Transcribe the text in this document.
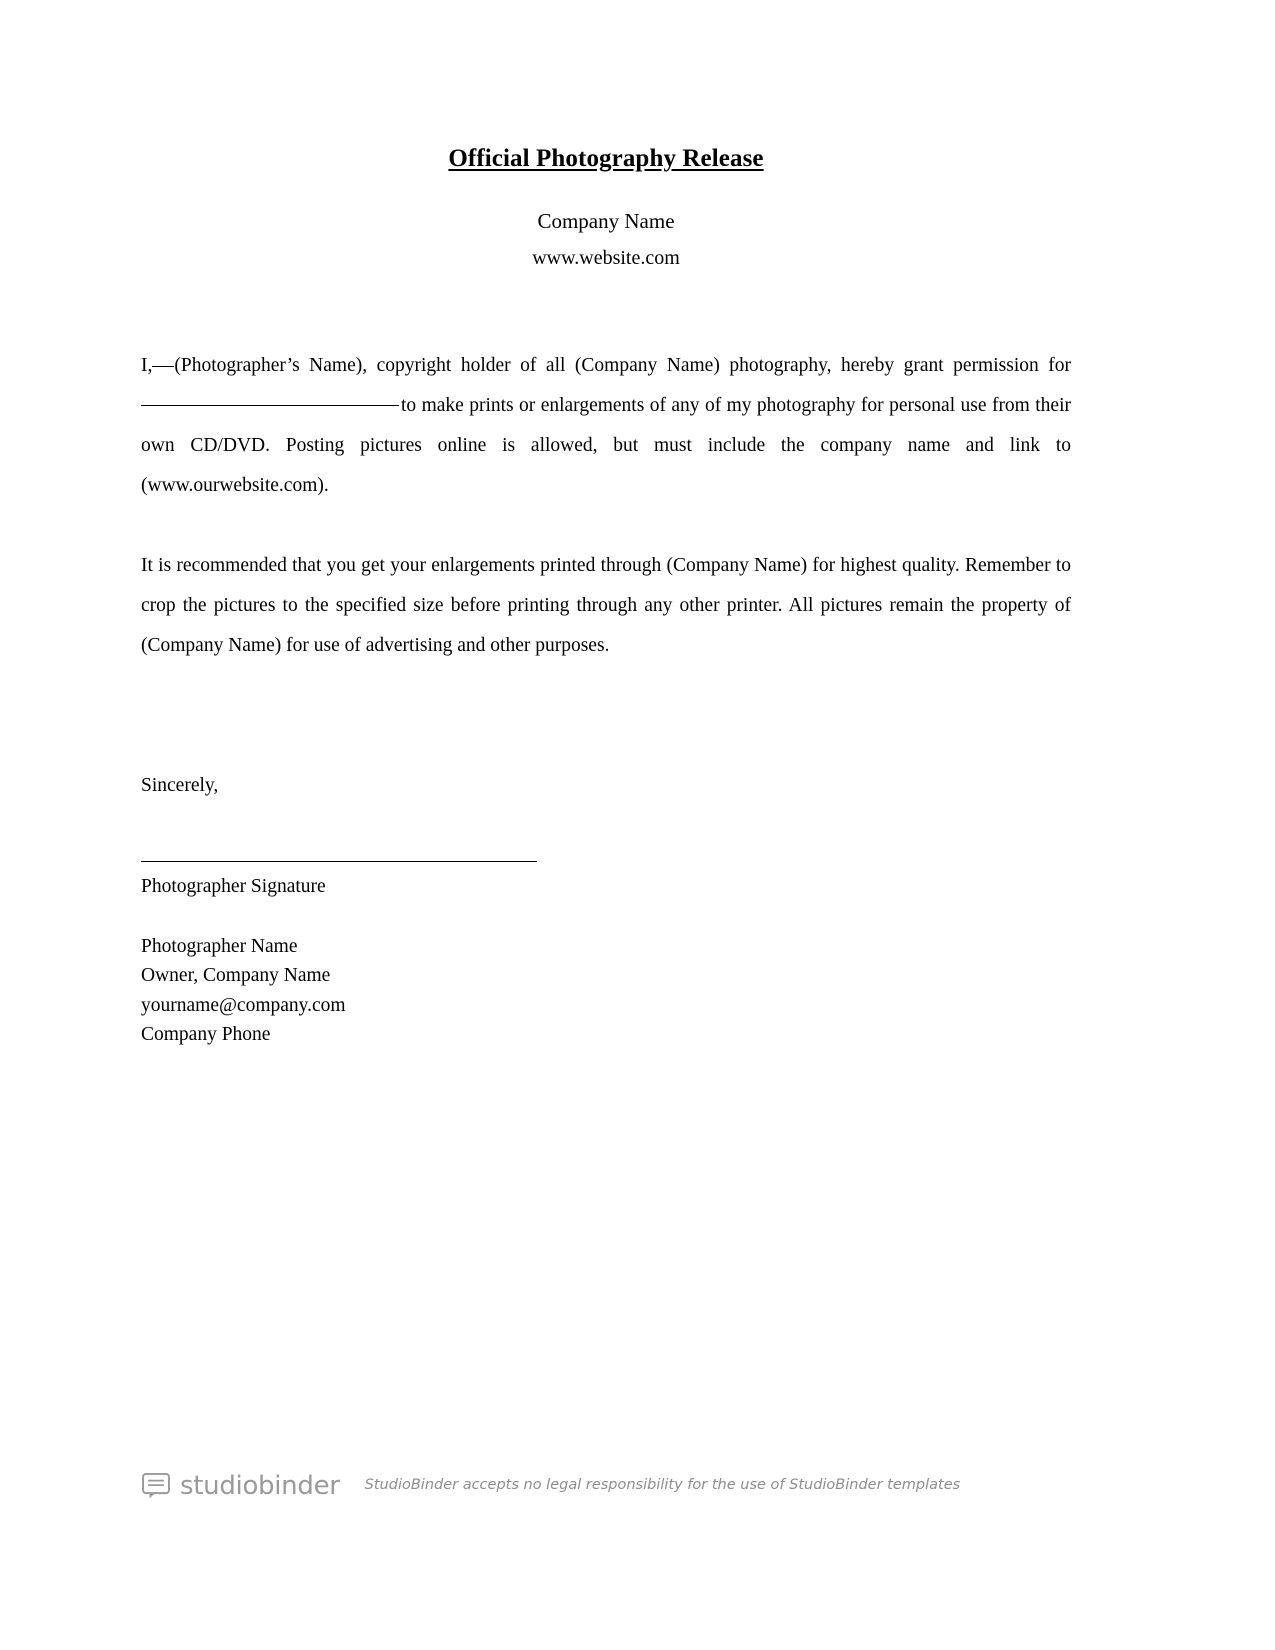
Official Photography Release
Company Name
www.website.com

I, (Photographer’s Name), copyright holder of all (Company Name) photography, hereby grant permission for to make prints or enlargements of any of my photography for personal use from their own CD/DVD. Posting pictures online is allowed, but must include the company name and link to (www.ourwebsite.com).

It is recommended that you get your enlargements printed through (Company Name) for highest quality. Remember to crop the pictures to the specified size before printing through any other printer. All pictures remain the property of (Company Name) for use of advertising and other purposes.

Sincerely,

Photographer Signature

Photographer Name

Owner, Company Name

yourname@company.com

Company Phone

studiobinder StudioBinder accepts no legal responsibility for the use of StudioBinder templates
